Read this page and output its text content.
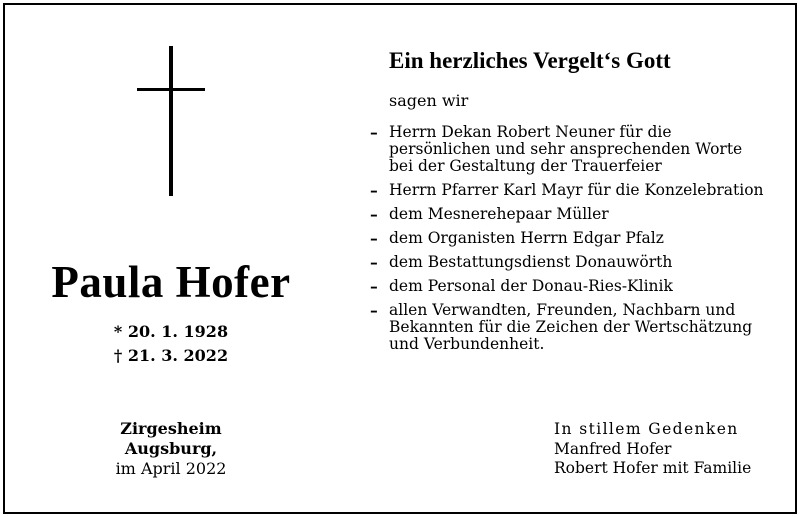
Paula Hofer
* 20. 1. 1928
† 21. 3. 2022
Zirgesheim
Augsburg,
im April 2022
Ein herzliches Vergelt‘s Gott
sagen wir
– Herrn Dekan Robert Neuner für die persönlichen und sehr ansprechenden Worte bei der Gestaltung der Trauerfeier
– Herrn Pfarrer Karl Mayr für die Konzelebration
– dem Mesnerehepaar Müller
– dem Organisten Herrn Edgar Pfalz
– dem Bestattungsdienst Donauwörth
– dem Personal der Donau-Ries-Klinik
– allen Verwandten, Freunden, Nachbarn und Bekannten für die Zeichen der Wertschätzung und Verbundenheit.
In stillem Gedenken
Manfred Hofer
Robert Hofer mit Familie
